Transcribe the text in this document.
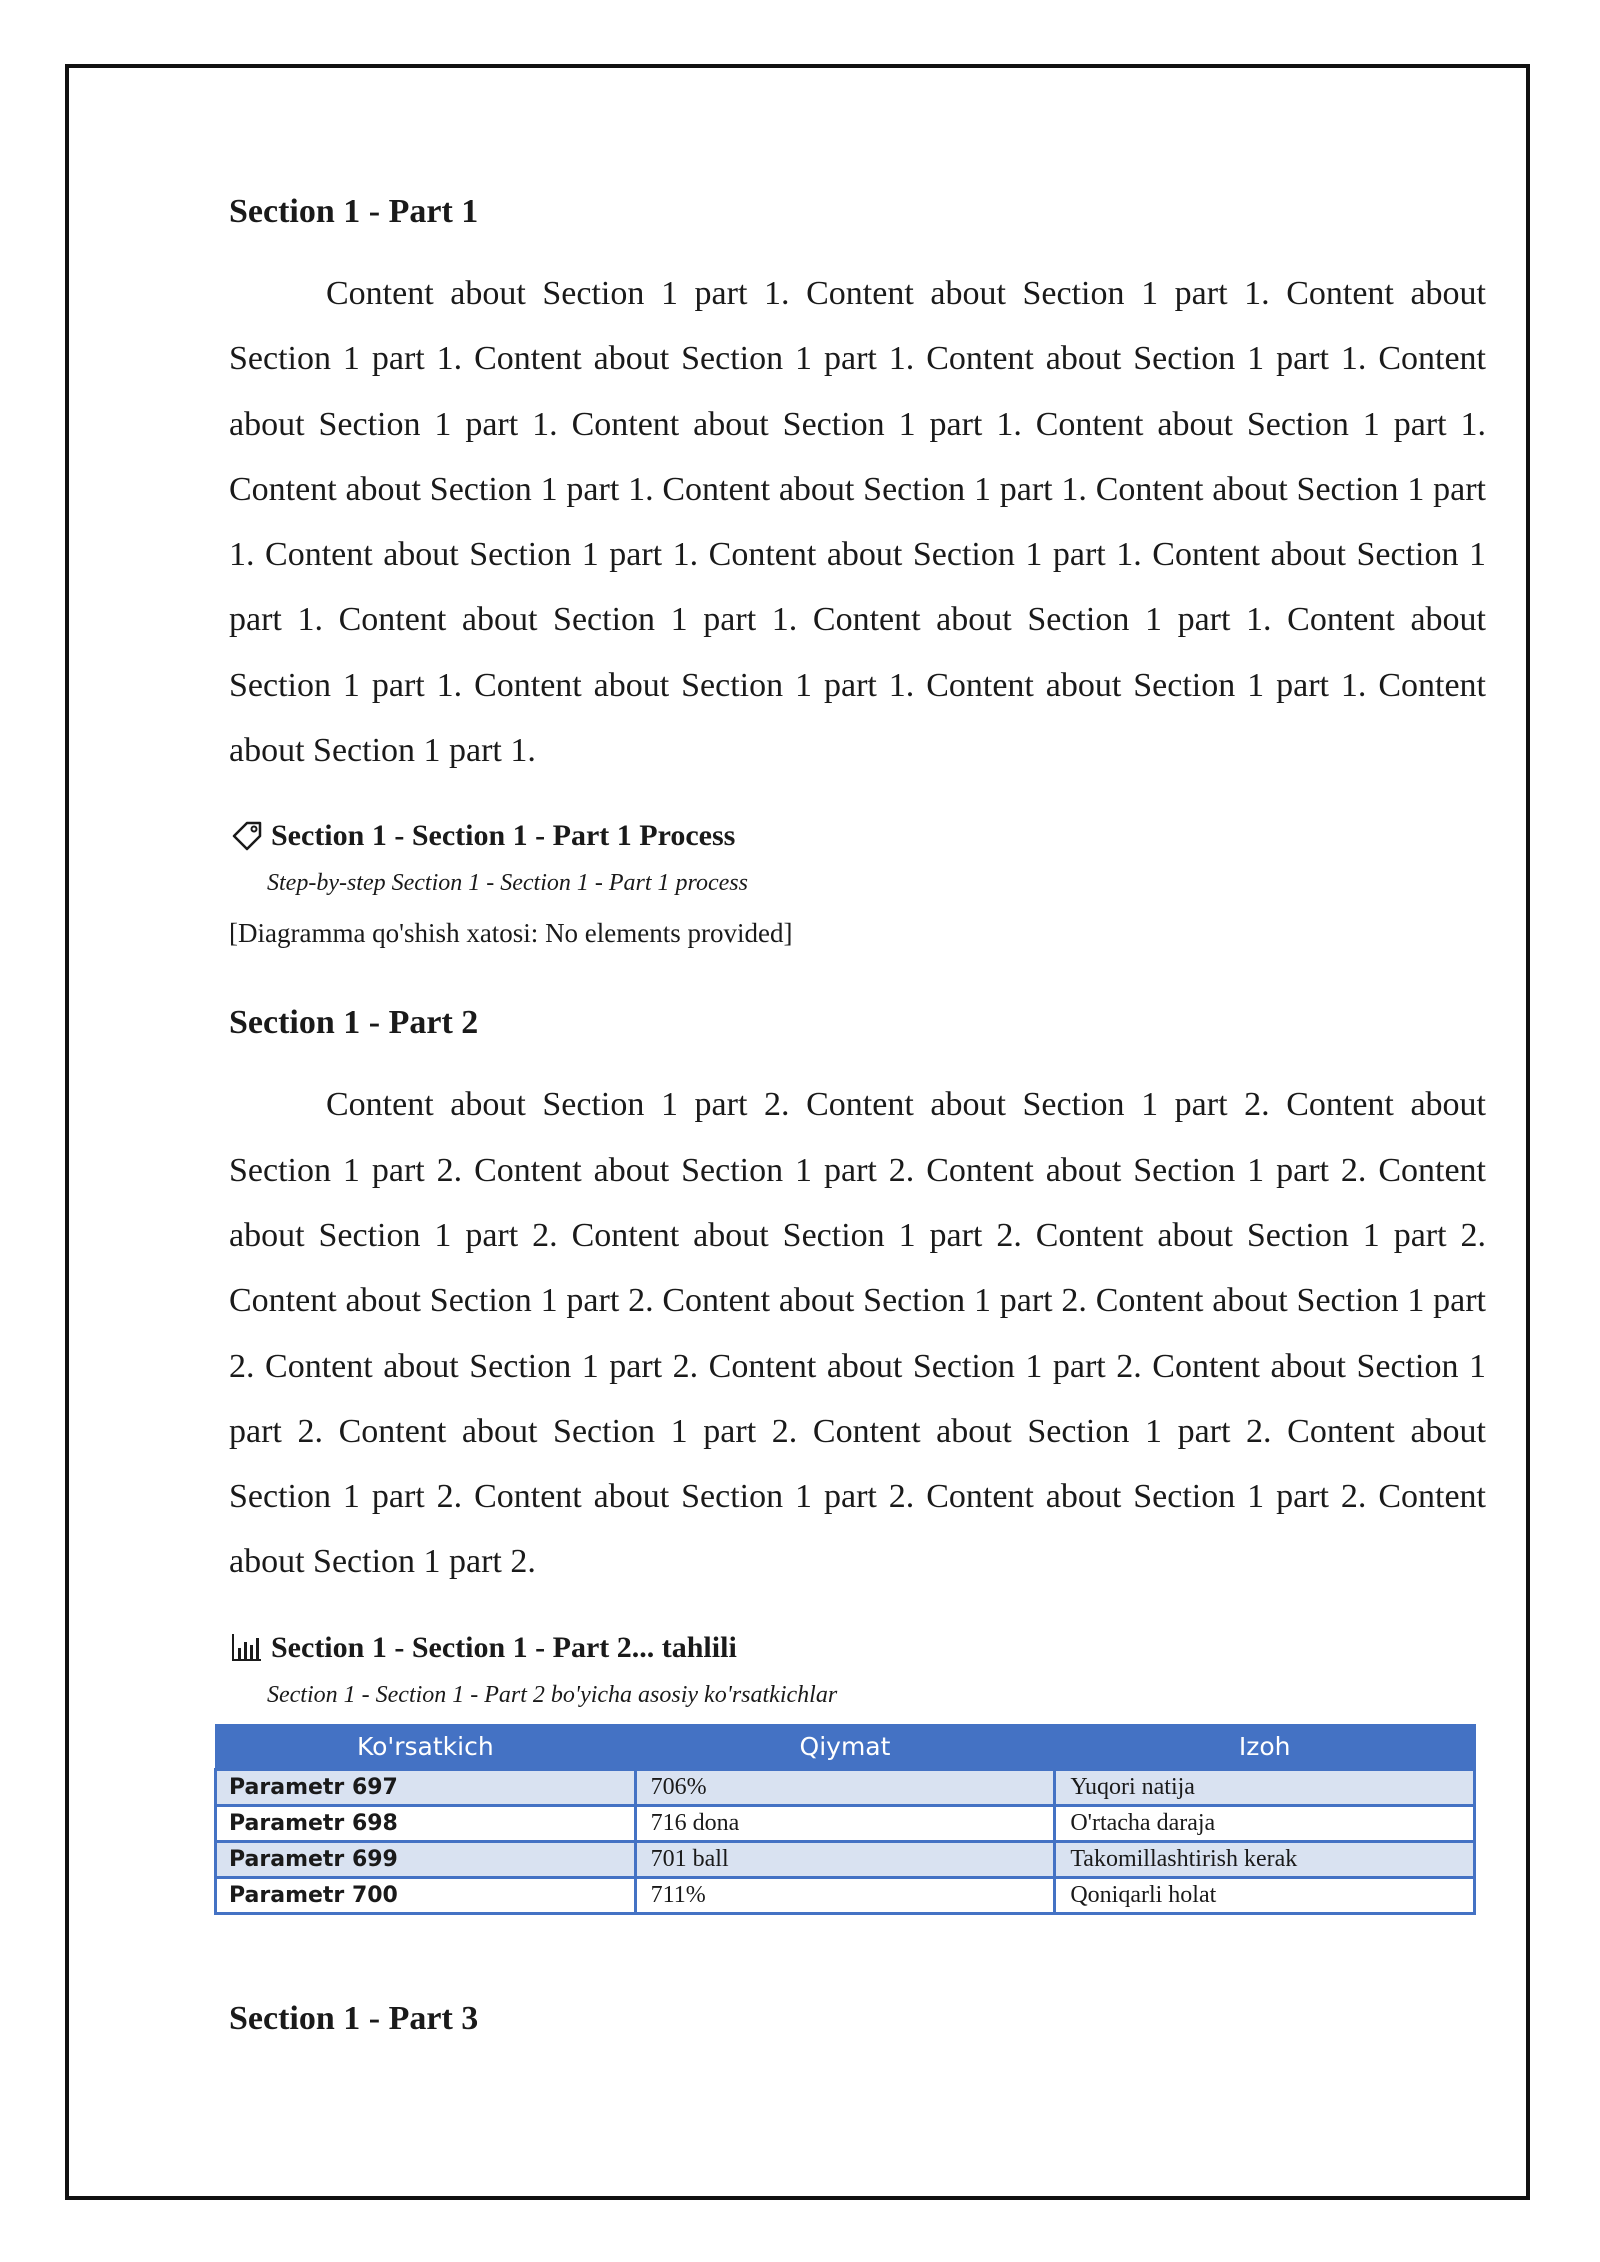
Section 1 - Part 1

Content about Section 1 part 1. Content about Section 1 part 1. Content about Section 1 part 1. Content about Section 1 part 1. Content about Section 1 part 1. Content about Section 1 part 1. Content about Section 1 part 1. Content about Section 1 part 1. Content about Section 1 part 1. Content about Section 1 part 1. Content about Section 1 part 1. Content about Section 1 part 1. Content about Section 1 part 1. Content about Section 1 part 1. Content about Section 1 part 1. Content about Section 1 part 1. Content about Section 1 part 1. Content about Section 1 part 1. Content about Section 1 part 1. Content about Section 1 part 1.

Section 1 - Section 1 - Part 1 Process
Step-by-step Section 1 - Section 1 - Part 1 process
[Diagramma qo'shish xatosi: No elements provided]
Section 1 - Part 2

Content about Section 1 part 2. Content about Section 1 part 2. Content about Section 1 part 2. Content about Section 1 part 2. Content about Section 1 part 2. Content about Section 1 part 2. Content about Section 1 part 2. Content about Section 1 part 2. Content about Section 1 part 2. Content about Section 1 part 2. Content about Section 1 part 2. Content about Section 1 part 2. Content about Section 1 part 2. Content about Section 1 part 2. Content about Section 1 part 2. Content about Section 1 part 2. Content about Section 1 part 2. Content about Section 1 part 2. Content about Section 1 part 2. Content about Section 1 part 2.

Section 1 - Section 1 - Part 2... tahlili
Section 1 - Section 1 - Part 2 bo'yicha asosiy ko'rsatkichlar
Ko'rsatkich	Qiymat	Izoh
Parametr 697	706%	Yuqori natija
Parametr 698	716 dona	O'rtacha daraja
Parametr 699	701 ball	Takomillashtirish kerak
Parametr 700	711%	Qoniqarli holat
Section 1 - Part 3
